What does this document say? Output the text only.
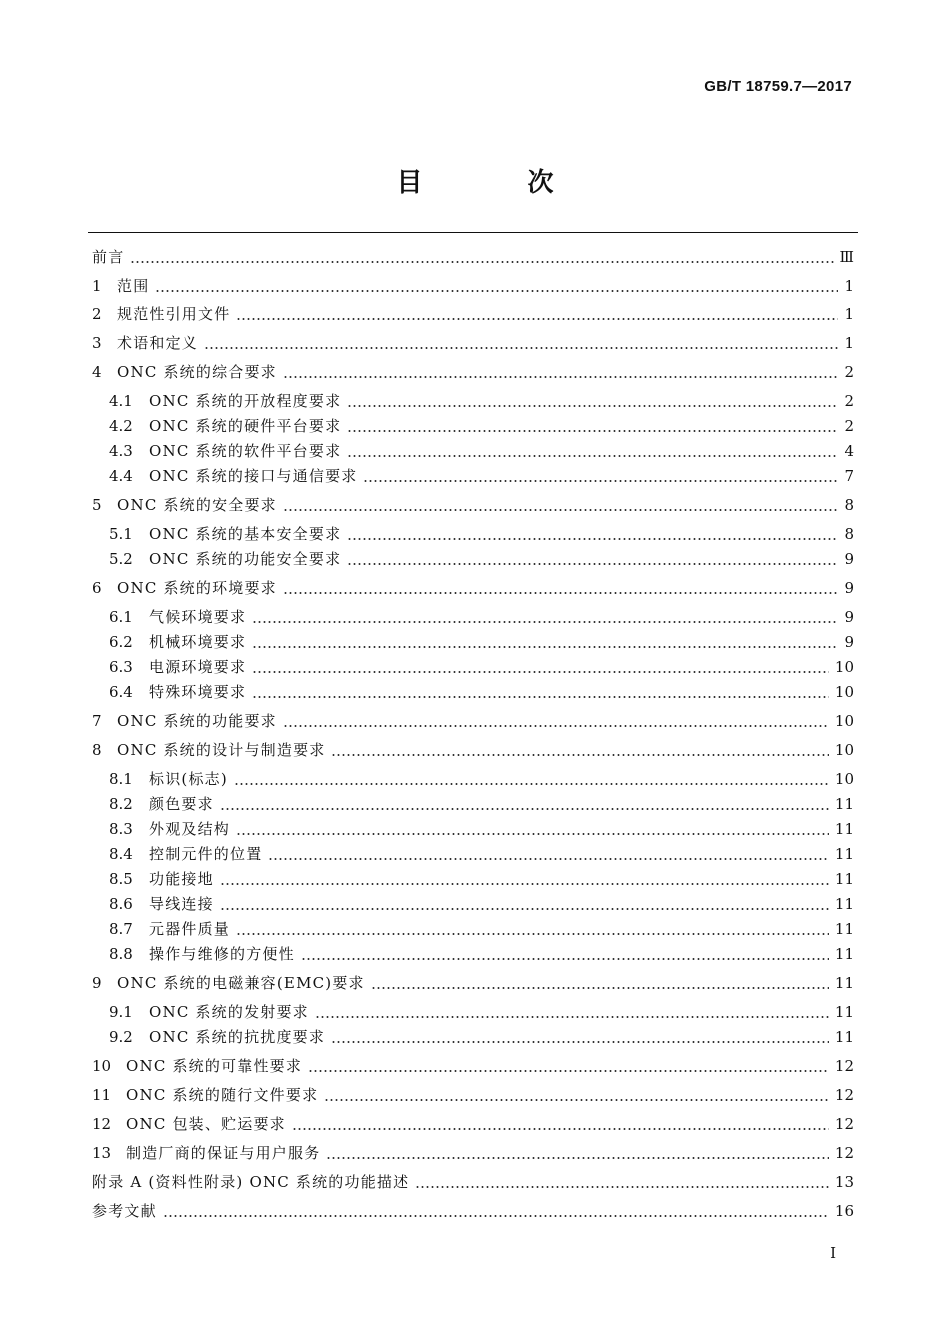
GB/T 18759.7—2017
目 次
前言	Ⅲ
1	范围	1
2	规范性引用文件	1
3	术语和定义	1
4	ONC 系统的综合要求	2
4.1	ONC 系统的开放程度要求	2
4.2	ONC 系统的硬件平台要求	2
4.3	ONC 系统的软件平台要求	4
4.4	ONC 系统的接口与通信要求	7
5	ONC 系统的安全要求	8
5.1	ONC 系统的基本安全要求	8
5.2	ONC 系统的功能安全要求	9
6	ONC 系统的环境要求	9
6.1	气候环境要求	9
6.2	机械环境要求	9
6.3	电源环境要求	10
6.4	特殊环境要求	10
7	ONC 系统的功能要求	10
8	ONC 系统的设计与制造要求	10
8.1	标识(标志)	10
8.2	颜色要求	11
8.3	外观及结构	11
8.4	控制元件的位置	11
8.5	功能接地	11
8.6	导线连接	11
8.7	元器件质量	11
8.8	操作与维修的方便性	11
9	ONC 系统的电磁兼容(EMC)要求	11
9.1	ONC 系统的发射要求	11
9.2	ONC 系统的抗扰度要求	11
10 ONC 系统的可靠性要求	12
11 ONC 系统的随行文件要求	12
12 ONC 包装、贮运要求	12
13 制造厂商的保证与用户服务	12
附录 A (资料性附录) ONC 系统的功能描述	13
参考文献	16
Ⅰ
